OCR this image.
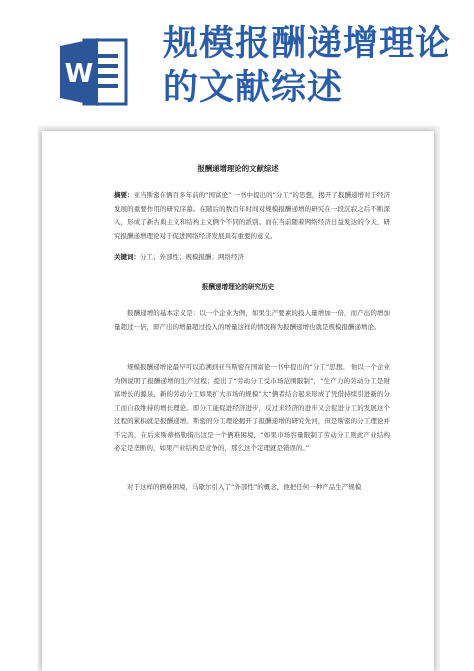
W
规模报酬递增理论
的文献综述
报酬递增理论的文献综述

摘要：亚当斯密在俩百多年前的“国富论” 一书中提出的“分工”的思想，揭开了报酬递增对于经济发展的重要作用的研究序幕。在随后的数百年时间对规模报酬递增的研究在一段沉寂之后不断深入，形成了新古典主义和结构主义俩个不同的派别。而在当前随着网络经济日益发达的今天，研究报酬递增理论对于促进网络经济发展具有重要的意义。

关键词：分工；外部性；规模报酬；网络经济

报酬递增理论的研究历史

报酬递增的基本定义是：以一个企业为例，如果生产要素的投入量增加一倍，而产出的增加量超过一倍，即产出的增量超过投入的增量这样的情况称为报酬递增也就是规模报酬递增论。

规模报酬递增论最早可以追溯到亚当斯密在国富论一书中提出的“分工”思想。 他以一个企业为例说明了报酬递增的生产过程；提出了“劳动分工受市场范围限制”，“生产力的劳动分工是财富增长的源泉，新的劳动分工如果扩大市场的规模”大“俩者结合起来形成了凭借持续引进新的分工而自我维持的增长理论。即分工能促进经济进步，反过来经济的进步又会促进分工的发展这个过程的累积就是报酬递增。斯密的分工理论揭开了报酬递增的研究先河，但是斯密的分工理论并不完善，在后来斯蒂格勒指出这是一个俩难困境，“如果市场容量限制了劳动分工则此产业结构必定是垄断的，如果产业结构是竞争的，那么这个定理就是错误的。”

对于这样的俩难困境，马歇尔引入了“外部性”的概念，他把任何一种产品生产规模
